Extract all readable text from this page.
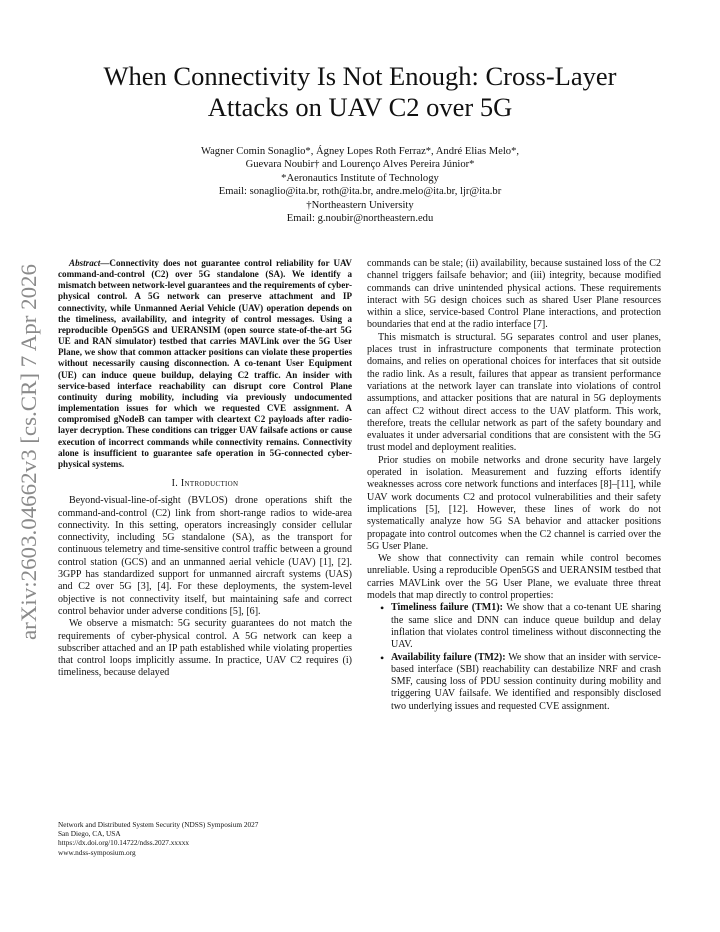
arXiv:2603.04662v3 [cs.CR] 7 Apr 2026
When Connectivity Is Not Enough: Cross-Layer
Attacks on UAV C2 over 5G
Wagner Comin Sonaglio*, Ágney Lopes Roth Ferraz*, André Elias Melo*,
Guevara Noubir† and Lourenço Alves Pereira Júnior*
*Aeronautics Institute of Technology
Email: sonaglio@ita.br, roth@ita.br, andre.melo@ita.br, ljr@ita.br
†Northeastern University
Email: g.noubir@northeastern.edu

Abstract—Connectivity does not guarantee control reliability for UAV command-and-control (C2) over 5G standalone (SA). We identify a mismatch between network-level guarantees and the requirements of cyber-physical control. A 5G network can preserve attachment and IP connectivity, while Unmanned Aerial Vehicle (UAV) operation depends on the timeliness, availability, and integrity of control messages. Using a reproducible Open5GS and UERANSIM (open source state-of-the-art 5G UE and RAN simulator) testbed that carries MAVLink over the 5G User Plane, we show that common attacker positions can violate these properties without necessarily causing disconnection. A co-tenant User Equipment (UE) can induce queue buildup, delaying C2 traffic. An insider with service-based interface reachability can disrupt core Control Plane continuity during mobility, including via previously undocumented implementation issues for which we requested CVE assignment. A compromised gNodeB can tamper with cleartext C2 payloads after radio-layer decryption. These conditions can trigger UAV failsafe actions or cause execution of incorrect commands while connectivity remains. Connectivity alone is insufficient to guarantee safe operation in 5G-connected cyber-physical systems.

I. Introduction

Beyond-visual-line-of-sight (BVLOS) drone operations shift the command-and-control (C2) link from short-range radios to wide-area connectivity. In this setting, operators increasingly consider cellular connectivity, including 5G standalone (SA), as the transport for continuous telemetry and time-sensitive control traffic between a ground control station (GCS) and an unmanned aerial vehicle (UAV) [1], [2]. 3GPP has standardized support for unmanned aircraft systems (UAS) and C2 over 5G [3], [4]. For these deployments, the system-level objective is not connectivity itself, but maintaining safe and correct control behavior under adverse conditions [5], [6].

We observe a mismatch: 5G security guarantees do not match the requirements of cyber-physical control. A 5G network can keep a subscriber attached and an IP path established while violating properties that control loops implicitly assume. In practice, UAV C2 requires (i) timeliness, because delayed

commands can be stale; (ii) availability, because sustained loss of the C2 channel triggers failsafe behavior; and (iii) integrity, because modified commands can drive unintended physical actions. These requirements interact with 5G design choices such as shared User Plane resources within a slice, service-based Control Plane interactions, and protection boundaries that end at the radio interface [7].

This mismatch is structural. 5G separates control and user planes, places trust in infrastructure components that terminate protection domains, and relies on operational choices for interfaces that sit outside the radio link. As a result, failures that appear as transient performance variations at the network layer can translate into violations of control assumptions, and attacker positions that are natural in 5G deployments can affect C2 without direct access to the UAV platform. This work, therefore, treats the cellular network as part of the safety boundary and evaluates it under adversarial conditions that are consistent with the 5G trust model and deployment realities.

Prior studies on mobile networks and drone security have largely operated in isolation. Measurement and fuzzing efforts identify weaknesses across core network functions and interfaces [8]–[11], while UAV work documents C2 and protocol vulnerabilities and their safety implications [5], [12]. However, these lines of work do not systematically analyze how 5G SA behavior and attacker positions propagate into control outcomes when the C2 channel is carried over the 5G User Plane.

We show that connectivity can remain while control becomes unreliable. Using a reproducible Open5GS and UERANSIM testbed that carries MAVLink over the 5G User Plane, we evaluate three threat models that map directly to control properties:

• Timeliness failure (TM1): We show that a co-tenant UE sharing the same slice and DNN can induce queue buildup and delay inflation that violates control timeliness without disconnecting the UAV.
• Availability failure (TM2): We show that an insider with service-based interface (SBI) reachability can destabilize NRF and crash SMF, causing loss of PDU session continuity during mobility and triggering UAV failsafe. We identified and responsibly disclosed two underlying issues and requested CVE assignment.
Network and Distributed System Security (NDSS) Symposium 2027
San Diego, CA, USA
https://dx.doi.org/10.14722/ndss.2027.xxxxx
www.ndss-symposium.org
